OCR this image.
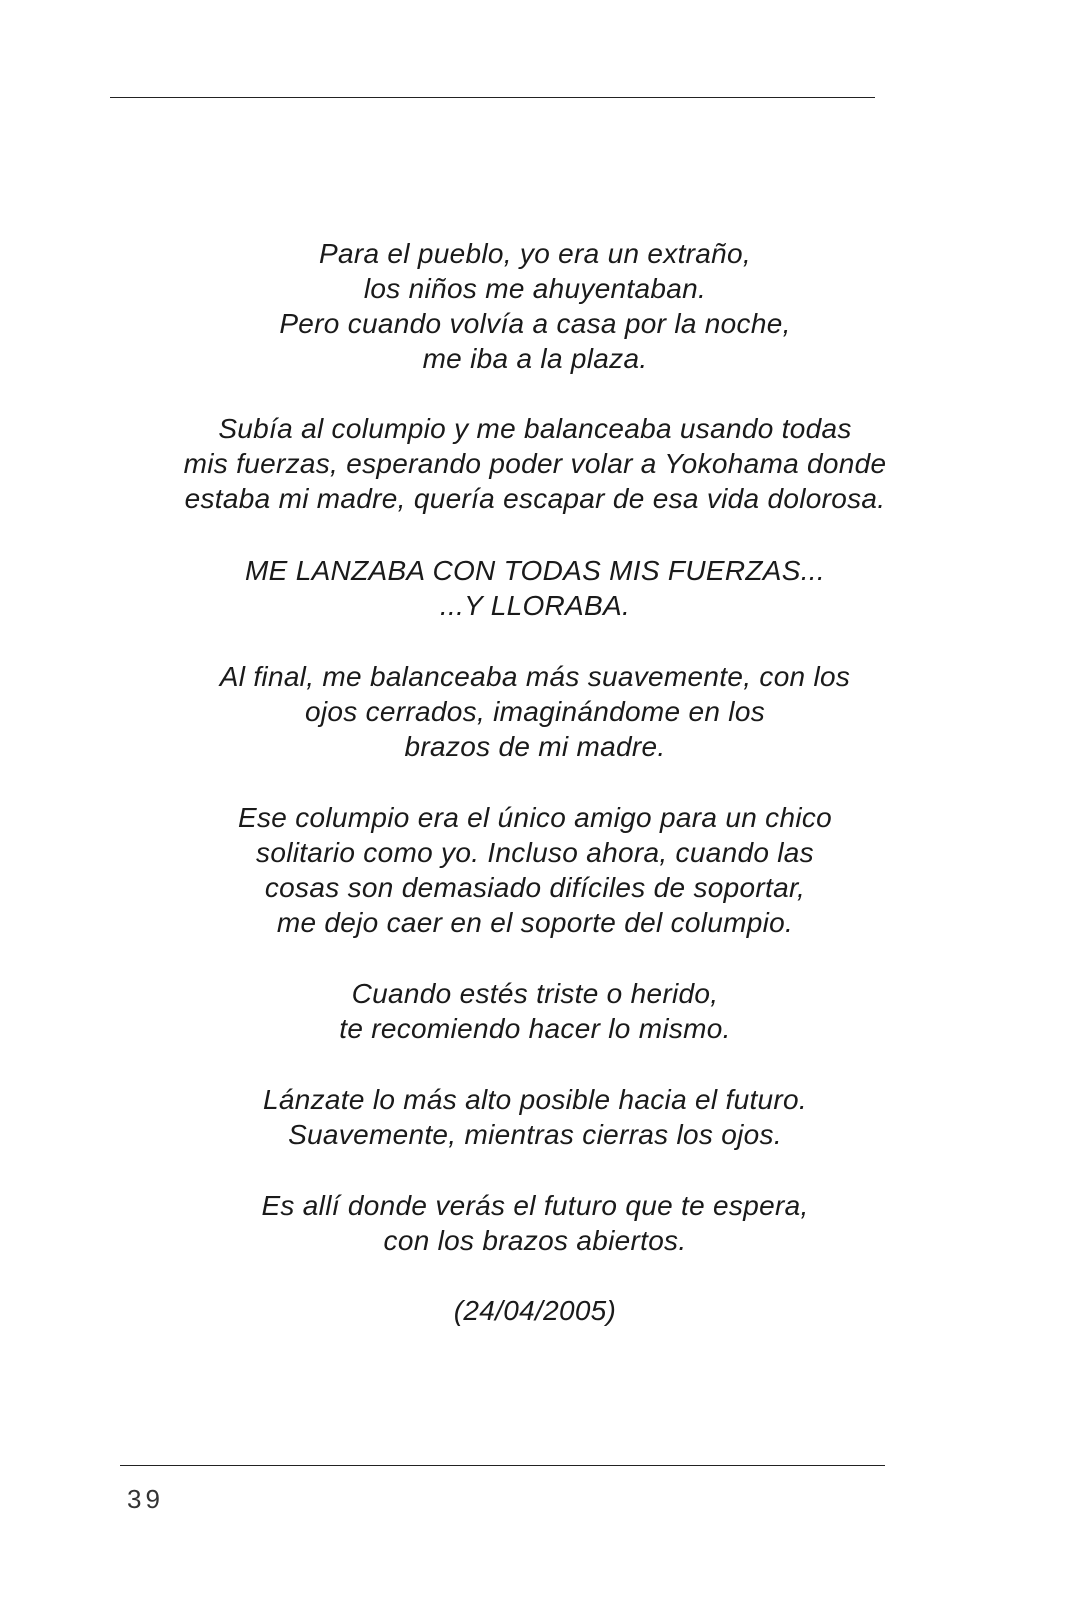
Para el pueblo, yo era un extraño,
los niños me ahuyentaban.
Pero cuando volvía a casa por la noche,
me iba a la plaza.
Subía al columpio y me balanceaba usando todas
mis fuerzas, esperando poder volar a Yokohama donde
estaba mi madre, quería escapar de esa vida dolorosa.
ME LANZABA CON TODAS MIS FUERZAS...
...Y LLORABA.
Al final, me balanceaba más suavemente, con los
ojos cerrados, imaginándome en los
brazos de mi madre.
Ese columpio era el único amigo para un chico
solitario como yo. Incluso ahora, cuando las
cosas son demasiado difíciles de soportar,
me dejo caer en el soporte del columpio.
Cuando estés triste o herido,
te recomiendo hacer lo mismo.
Lánzate lo más alto posible hacia el futuro.
Suavemente, mientras cierras los ojos.
Es allí donde verás el futuro que te espera,
con los brazos abiertos.
(24/04/2005)
39
